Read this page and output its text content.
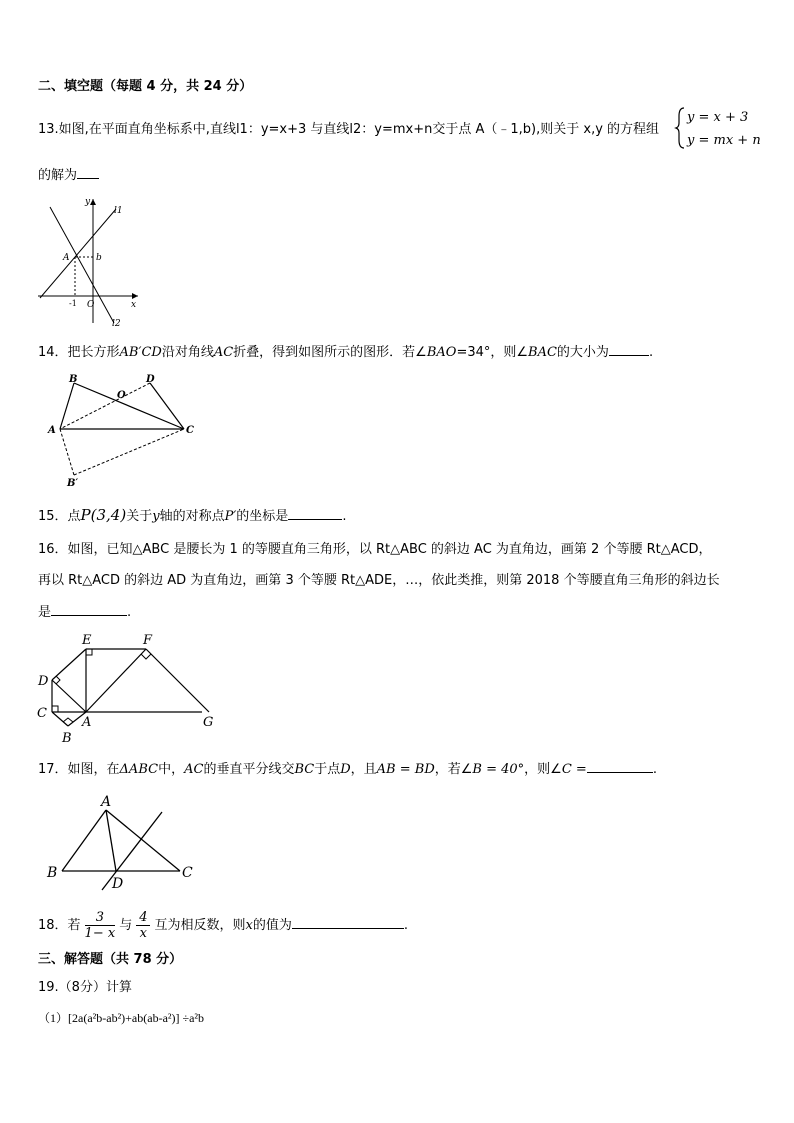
二、填空题（每题 4 分，共 24 分）
13.如图,在平面直角坐标系中,直线l1：y=x+3 与直线l2：y=mx+n交于点 A（﹣1,b),则关于 x,y 的方程组
y = x + 3
y = mx + n
的解为
y
l1
A	b
-1 O	x
l2
14．把长方形AB′CD沿对角线AC折叠，得到如图所示的图形．若∠BAO=34°，则∠BAC的大小为	.
B	D
O
A	C
B′
15．点P(3,4)关于y轴的对称点P′的坐标是	.
16．如图，已知△ABC 是腰长为 1 的等腰直角三角形，以 Rt△ABC 的斜边 AC 为直角边，画第 2 个等腰 Rt△ACD，
再以 Rt△ACD 的斜边 AD 为直角边，画第 3 个等腰 Rt△ADE，…，依此类推，则第 2018 个等腰直角三角形的斜边长
是	.
E	F
D
C
A	G
B
17．如图，在ΔABC中，AC的垂直平分线交BC于点D，且AB = BD，若∠B = 40°，则∠C =	.
A
B
D
C
18．若 $\frac{3}{1- x}$ 与 $\frac{4}{x}$ 互为相反数，则x的值为	.
三、解答题（共 78 分）
19.（8分）计算
（1）[2a(a²b-ab²)+ab(ab-a²)] ÷a²b
